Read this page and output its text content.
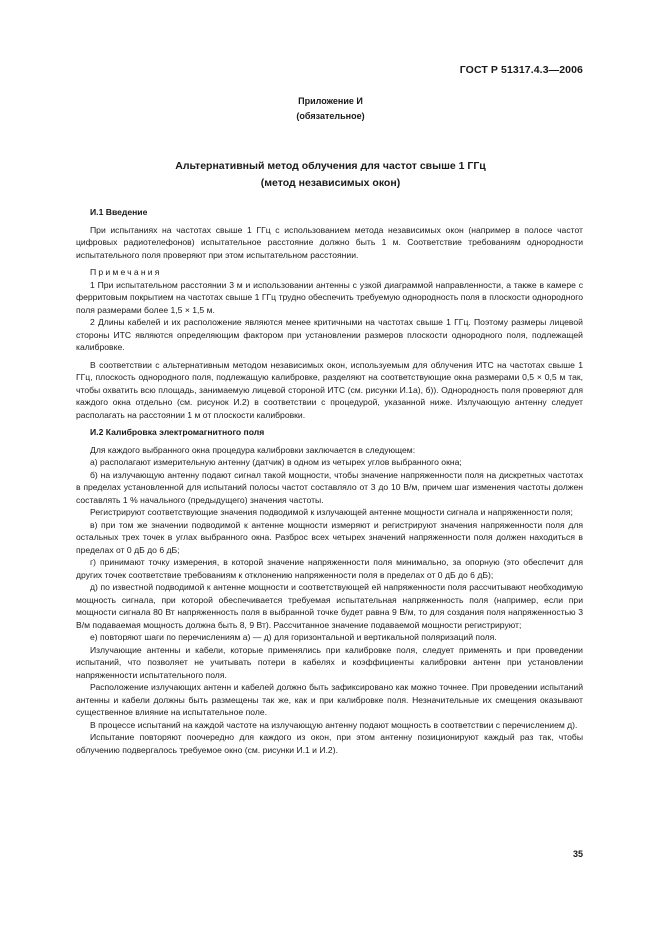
ГОСТ Р 51317.4.3—2006
Приложение И
(обязательное)
Альтернативный метод облучения для частот свыше 1 ГГц
(метод независимых окон)
И.1 Введение

При испытаниях на частотах свыше 1 ГГц с использованием метода независимых окон (например в полосе частот цифровых радиотелефонов) испытательное расстояние должно быть 1 м. Соответствие требованиям однородности испытательного поля проверяют при этом испытательном расстоянии.

Примечания

1 При испытательном расстоянии 3 м и использовании антенны с узкой диаграммой направленности, а также в камере с ферритовым покрытием на частотах свыше 1 ГГц трудно обеспечить требуемую однородность поля в плоскости однородного поля размерами более 1,5 × 1,5 м.

2 Длины кабелей и их расположение являются менее критичными на частотах свыше 1 ГГц. Поэтому размеры лицевой стороны ИТС являются определяющим фактором при установлении размеров плоскости однородного поля, подлежащей калибровке.

В соответствии с альтернативным методом независимых окон, используемым для облучения ИТС на частотах свыше 1 ГГц, плоскость однородного поля, подлежащую калибровке, разделяют на соответствующие окна размерами 0,5 × 0,5 м так, чтобы охватить всю площадь, занимаемую лицевой стороной ИТС (см. рисунки И.1а), б)). Однородность поля проверяют для каждого окна отдельно (см. рисунок И.2) в соответствии с процедурой, указанной ниже. Излучающую антенну следует располагать на расстоянии 1 м от плоскости калибровки.

И.2 Калибровка электромагнитного поля

Для каждого выбранного окна процедура калибровки заключается в следующем:

а) располагают измерительную антенну (датчик) в одном из четырех углов выбранного окна;

б) на излучающую антенну подают сигнал такой мощности, чтобы значение напряженности поля на дискретных частотах в пределах установленной для испытаний полосы частот составляло от 3 до 10 В/м, причем шаг изменения частоты должен составлять 1 % начального (предыдущего) значения частоты.

Регистрируют соответствующие значения подводимой к излучающей антенне мощности сигнала и напряженности поля;

в) при том же значении подводимой к антенне мощности измеряют и регистрируют значения напряженности поля для остальных трех точек в углах выбранного окна. Разброс всех четырех значений напряженности поля должен находиться в пределах от 0 дБ до 6 дБ;

г) принимают точку измерения, в которой значение напряженности поля минимально, за опорную (это обеспечит для других точек соответствие требованиям к отклонению напряженности поля в пределах от 0 дБ до 6 дБ);

д) по известной подводимой к антенне мощности и соответствующей ей напряженности поля рассчитывают необходимую мощность сигнала, при которой обеспечивается требуемая испытательная напряженность поля (например, если при мощности сигнала 80 Вт напряженность поля в выбранной точке будет равна 9 В/м, то для создания поля напряженностью 3 В/м подаваемая мощность должна быть 8, 9 Вт). Рассчитанное значение подаваемой мощности регистрируют;

е) повторяют шаги по перечислениям а) — д) для горизонтальной и вертикальной поляризаций поля.

Излучающие антенны и кабели, которые применялись при калибровке поля, следует применять и при проведении испытаний, что позволяет не учитывать потери в кабелях и коэффициенты калибровки антенн при установлении напряженности испытательного поля.

Расположение излучающих антенн и кабелей должно быть зафиксировано как можно точнее. При проведении испытаний антенны и кабели должны быть размещены так же, как и при калибровке поля. Незначительные их смещения оказывают существенное влияние на испытательное поле.

В процессе испытаний на каждой частоте на излучающую антенну подают мощность в соответствии с перечислением д).

Испытание повторяют поочередно для каждого из окон, при этом антенну позиционируют каждый раз так, чтобы облучению подвергалось требуемое окно (см. рисунки И.1 и И.2).

35
